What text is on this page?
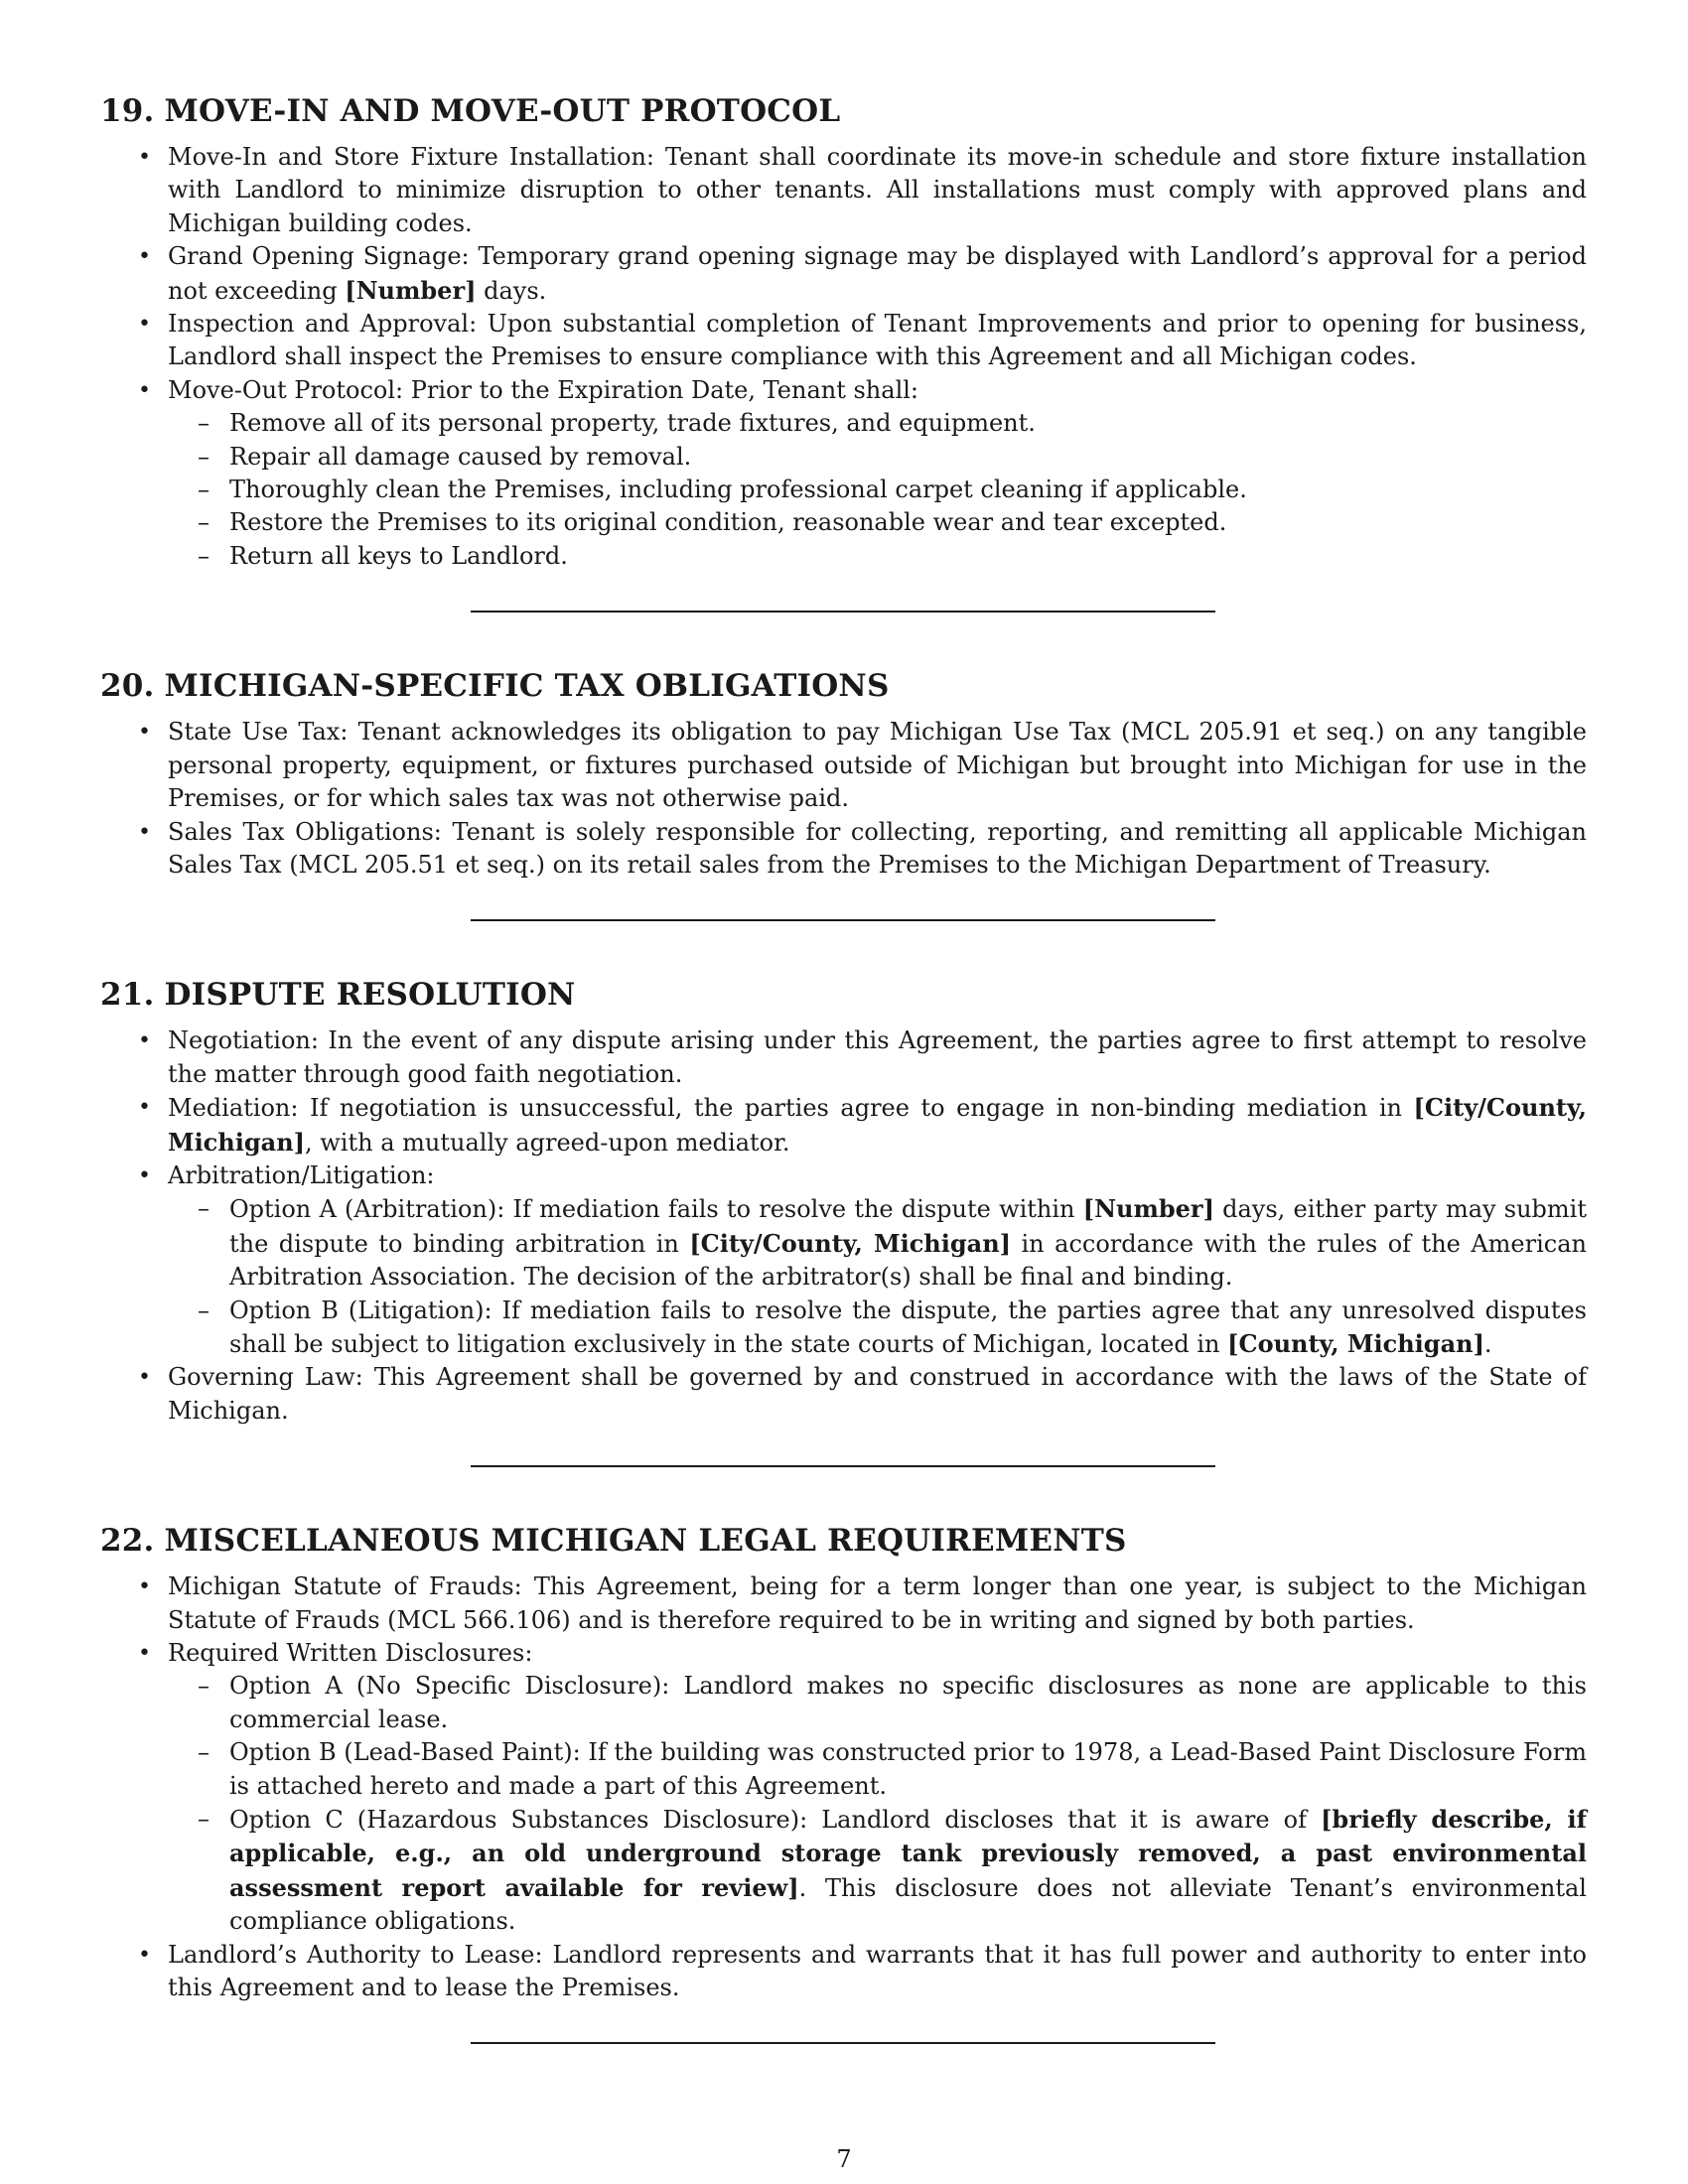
19. MOVE-IN AND MOVE-OUT PROTOCOL
• Move-In and Store Fixture Installation: Tenant shall coordinate its move-in schedule and store fixture installation with Landlord to minimize disruption to other tenants. All installations must comply with approved plans and Michigan building codes.
• Grand Opening Signage: Temporary grand opening signage may be displayed with Landlord’s approval for a period not exceeding [Number] days.
• Inspection and Approval: Upon substantial completion of Tenant Improvements and prior to opening for business, Landlord shall inspect the Premises to ensure compliance with this Agreement and all Michigan codes.
• Move-Out Protocol: Prior to the Expiration Date, Tenant shall:
– Remove all of its personal property, trade fixtures, and equipment.
– Repair all damage caused by removal.
– Thoroughly clean the Premises, including professional carpet cleaning if applicable.
– Restore the Premises to its original condition, reasonable wear and tear excepted.
– Return all keys to Landlord.
20. MICHIGAN-SPECIFIC TAX OBLIGATIONS
• State Use Tax: Tenant acknowledges its obligation to pay Michigan Use Tax (MCL 205.91 et seq.) on any tangible personal property, equipment, or fixtures purchased outside of Michigan but brought into Michigan for use in the Premises, or for which sales tax was not otherwise paid.
• Sales Tax Obligations: Tenant is solely responsible for collecting, reporting, and remitting all applicable Michigan Sales Tax (MCL 205.51 et seq.) on its retail sales from the Premises to the Michigan Department of Treasury.
21. DISPUTE RESOLUTION
• Negotiation: In the event of any dispute arising under this Agreement, the parties agree to first attempt to resolve the matter through good faith negotiation.
• Mediation: If negotiation is unsuccessful, the parties agree to engage in non-binding mediation in [City/County, Michigan], with a mutually agreed-upon mediator.
• Arbitration/Litigation:
– Option A (Arbitration): If mediation fails to resolve the dispute within [Number] days, either party may submit the dispute to binding arbitration in [City/County, Michigan] in accordance with the rules of the American Arbitration Association. The decision of the arbitrator(s) shall be final and binding.
– Option B (Litigation): If mediation fails to resolve the dispute, the parties agree that any unresolved disputes shall be subject to litigation exclusively in the state courts of Michigan, located in [County, Michigan].
• Governing Law: This Agreement shall be governed by and construed in accordance with the laws of the State of Michigan.
22. MISCELLANEOUS MICHIGAN LEGAL REQUIREMENTS
• Michigan Statute of Frauds: This Agreement, being for a term longer than one year, is subject to the Michigan Statute of Frauds (MCL 566.106) and is therefore required to be in writing and signed by both parties.
• Required Written Disclosures:
– Option A (No Specific Disclosure): Landlord makes no specific disclosures as none are applicable to this commercial lease.
– Option B (Lead-Based Paint): If the building was constructed prior to 1978, a Lead-Based Paint Disclosure Form is attached hereto and made a part of this Agreement.
– Option C (Hazardous Substances Disclosure): Landlord discloses that it is aware of [briefly describe, if applicable, e.g., an old underground storage tank previously removed, a past environmental assessment report available for review]. This disclosure does not alleviate Tenant’s environmental compliance obligations.
• Landlord’s Authority to Lease: Landlord represents and warrants that it has full power and authority to enter into this Agreement and to lease the Premises.
7
